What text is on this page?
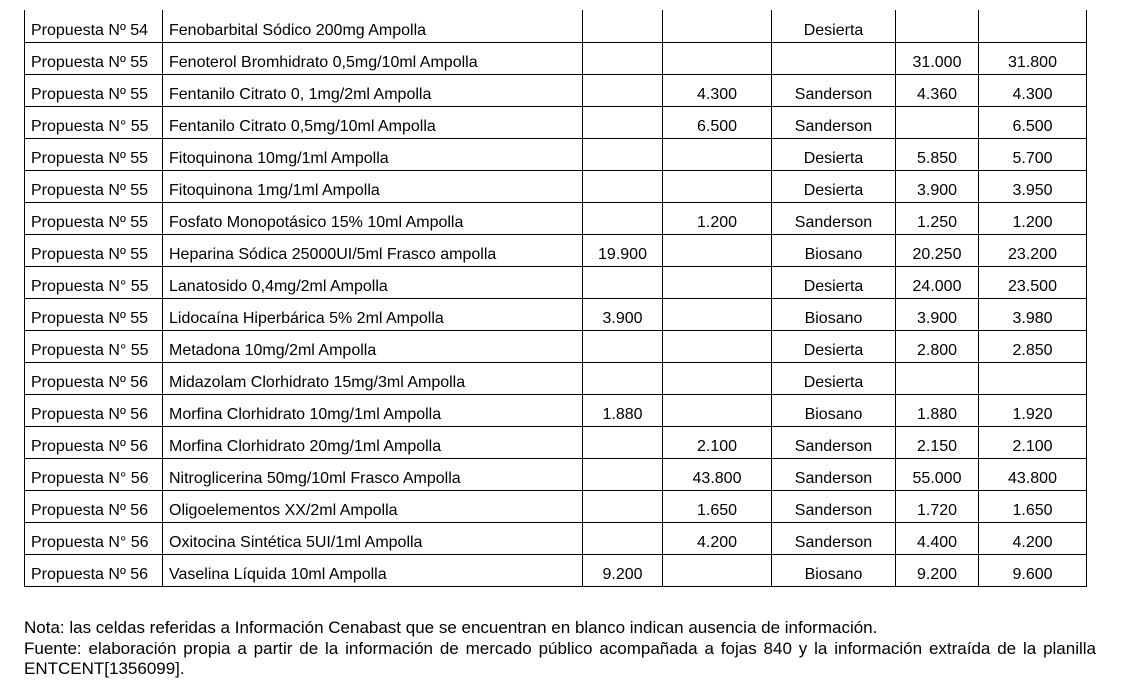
Propuesta Nº 54	Fenobarbital Sódico 200mg Ampolla			Desierta		
Propuesta Nº 55	Fenoterol Bromhidrato 0,5mg/10ml Ampolla				31.000	31.800
Propuesta Nº 55	Fentanilo Citrato 0, 1mg/2ml Ampolla		4.300	Sanderson	4.360	4.300
Propuesta N° 55	Fentanilo Citrato 0,5mg/10ml Ampolla		6.500	Sanderson		6.500
Propuesta Nº 55	Fitoquinona 10mg/1ml Ampolla			Desierta	5.850	5.700
Propuesta Nº 55	Fitoquinona 1mg/1ml Ampolla			Desierta	3.900	3.950
Propuesta Nº 55	Fosfato Monopotásico 15% 10ml Ampolla		1.200	Sanderson	1.250	1.200
Propuesta Nº 55	Heparina Sódica 25000UI/5ml Frasco ampolla	19.900		Biosano	20.250	23.200
Propuesta N° 55	Lanatosido 0,4mg/2ml Ampolla			Desierta	24.000	23.500
Propuesta Nº 55	Lidocaína Hiperbárica 5% 2ml Ampolla	3.900		Biosano	3.900	3.980
Propuesta N° 55	Metadona 10mg/2ml Ampolla			Desierta	2.800	2.850
Propuesta Nº 56	Midazolam Clorhidrato 15mg/3ml Ampolla			Desierta		
Propuesta Nº 56	Morfina Clorhidrato 10mg/1ml Ampolla	1.880		Biosano	1.880	1.920
Propuesta Nº 56	Morfina Clorhidrato 20mg/1ml Ampolla		2.100	Sanderson	2.150	2.100
Propuesta N° 56	Nitroglicerina 50mg/10ml Frasco Ampolla		43.800	Sanderson	55.000	43.800
Propuesta Nº 56	Oligoelementos XX/2ml Ampolla		1.650	Sanderson	1.720	1.650
Propuesta N° 56	Oxitocina Sintética 5UI/1ml Ampolla		4.200	Sanderson	4.400	4.200
Propuesta Nº 56	Vaselina Líquida 10ml Ampolla	9.200		Biosano	9.200	9.600

Nota: las celdas referidas a Información Cenabast que se encuentran en blanco indican ausencia de información.

Fuente: elaboración propia a partir de la información de mercado público acompañada a fojas 840 y la información extraída de la planilla ENTCENT[1356099].
